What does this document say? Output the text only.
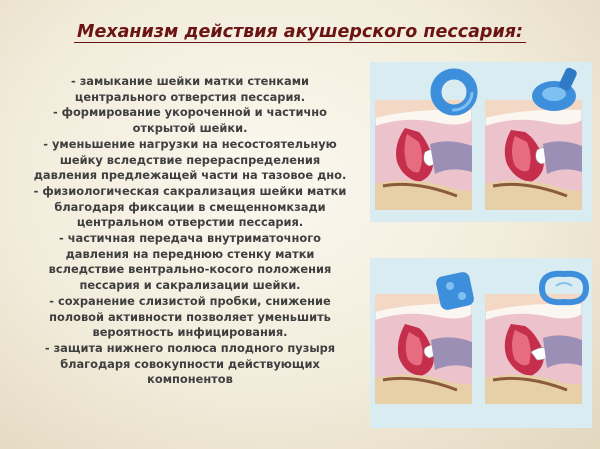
Механизм действия акушерского пессария:
- замыкание шейки матки стенками
центрального отверстия пессария.
- формирование укороченной и частично
открытой шейки.
- уменьшение нагрузки на несостоятельную
шейку вследствие перераспределения
давления предлежащей части на тазовое дно.
- физиологическая сакрализация шейки матки
благодаря фиксации в смещенномкзади
центральном отверстии пессария.
- частичная передача внутриматочного
давления на переднюю стенку матки
вследствие вентрально-косого положения
пессария и сакрализации шейки.
- сохранение слизистой пробки, снижение
половой активности позволяет уменьшить
вероятность инфицирования.
- защита нижнего полюса плодного пузыря
благодаря совокупности действующих
компонентов
